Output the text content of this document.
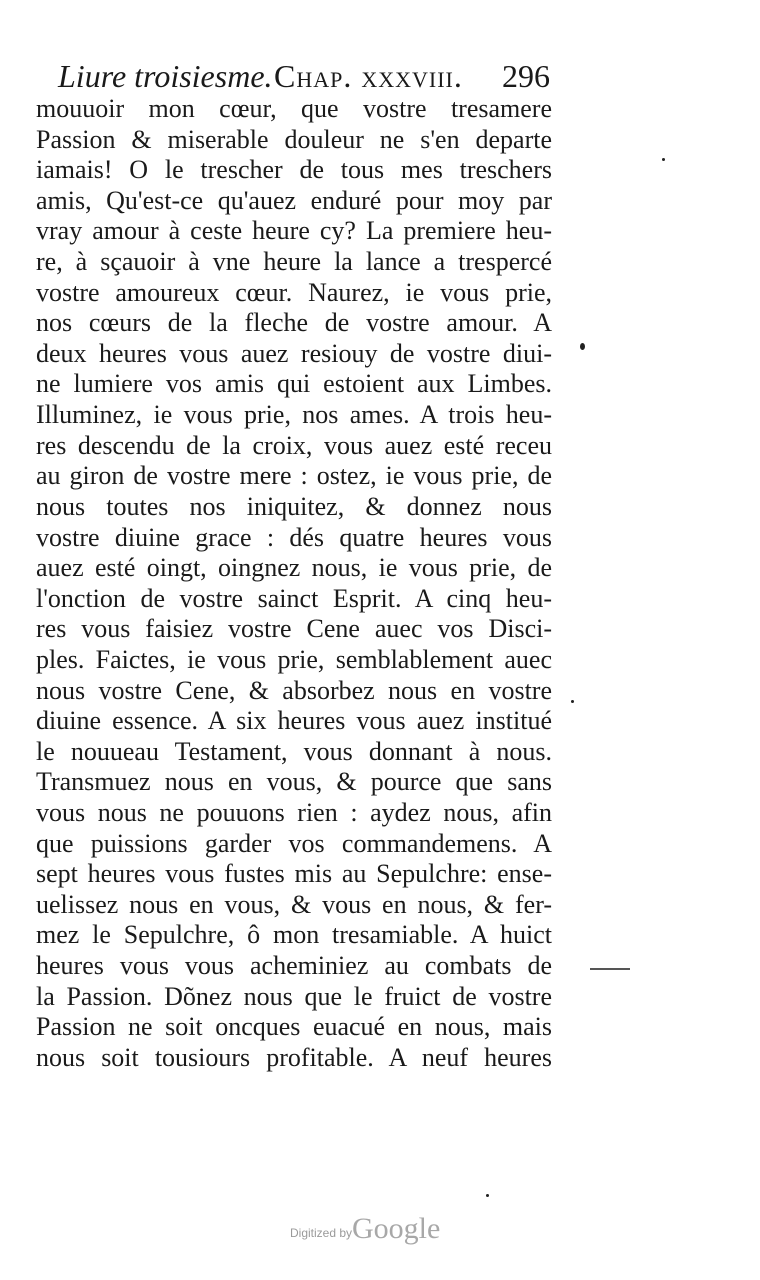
Liure troisiesme. Chap. xxxviii. 296
mouuoir mon cœur, que vostre tresamere
Passion & miserable douleur ne s'en departe
iamais! O le trescher de tous mes treschers
amis, Qu'est-ce qu'auez enduré pour moy par
vray amour à ceste heure cy? La premiere heu-
re, à sçauoir à vne heure la lance a trespercé
vostre amoureux cœur. Naurez, ie vous prie,
nos cœurs de la fleche de vostre amour. A
deux heures vous auez resiouy de vostre diui-
ne lumiere vos amis qui estoient aux Limbes.
Illuminez, ie vous prie, nos ames. A trois heu-
res descendu de la croix, vous auez esté receu
au giron de vostre mere : ostez, ie vous prie, de
nous toutes nos iniquitez, & donnez nous
vostre diuine grace : dés quatre heures vous
auez esté oingt, oingnez nous, ie vous prie, de
l'onction de vostre sainct Esprit. A cinq heu-
res vous faisiez vostre Cene auec vos Disci-
ples. Faictes, ie vous prie, semblablement auec
nous vostre Cene, & absorbez nous en vostre
diuine essence. A six heures vous auez institué
le nouueau Testament, vous donnant à nous.
Transmuez nous en vous, & pource que sans
vous nous ne pouuons rien : aydez nous, afin
que puissions garder vos commandemens. A
sept heures vous fustes mis au Sepulchre: ense-
uelissez nous en vous, & vous en nous, & fer-
mez le Sepulchre, ô mon tresamiable. A huict
heures vous vous acheminiez au combats de
la Passion. Dõnez nous que le fruict de vostre
Passion ne soit oncques euacué en nous, mais
nous soit tousiours profitable. A neuf heures
Digitized by Google
